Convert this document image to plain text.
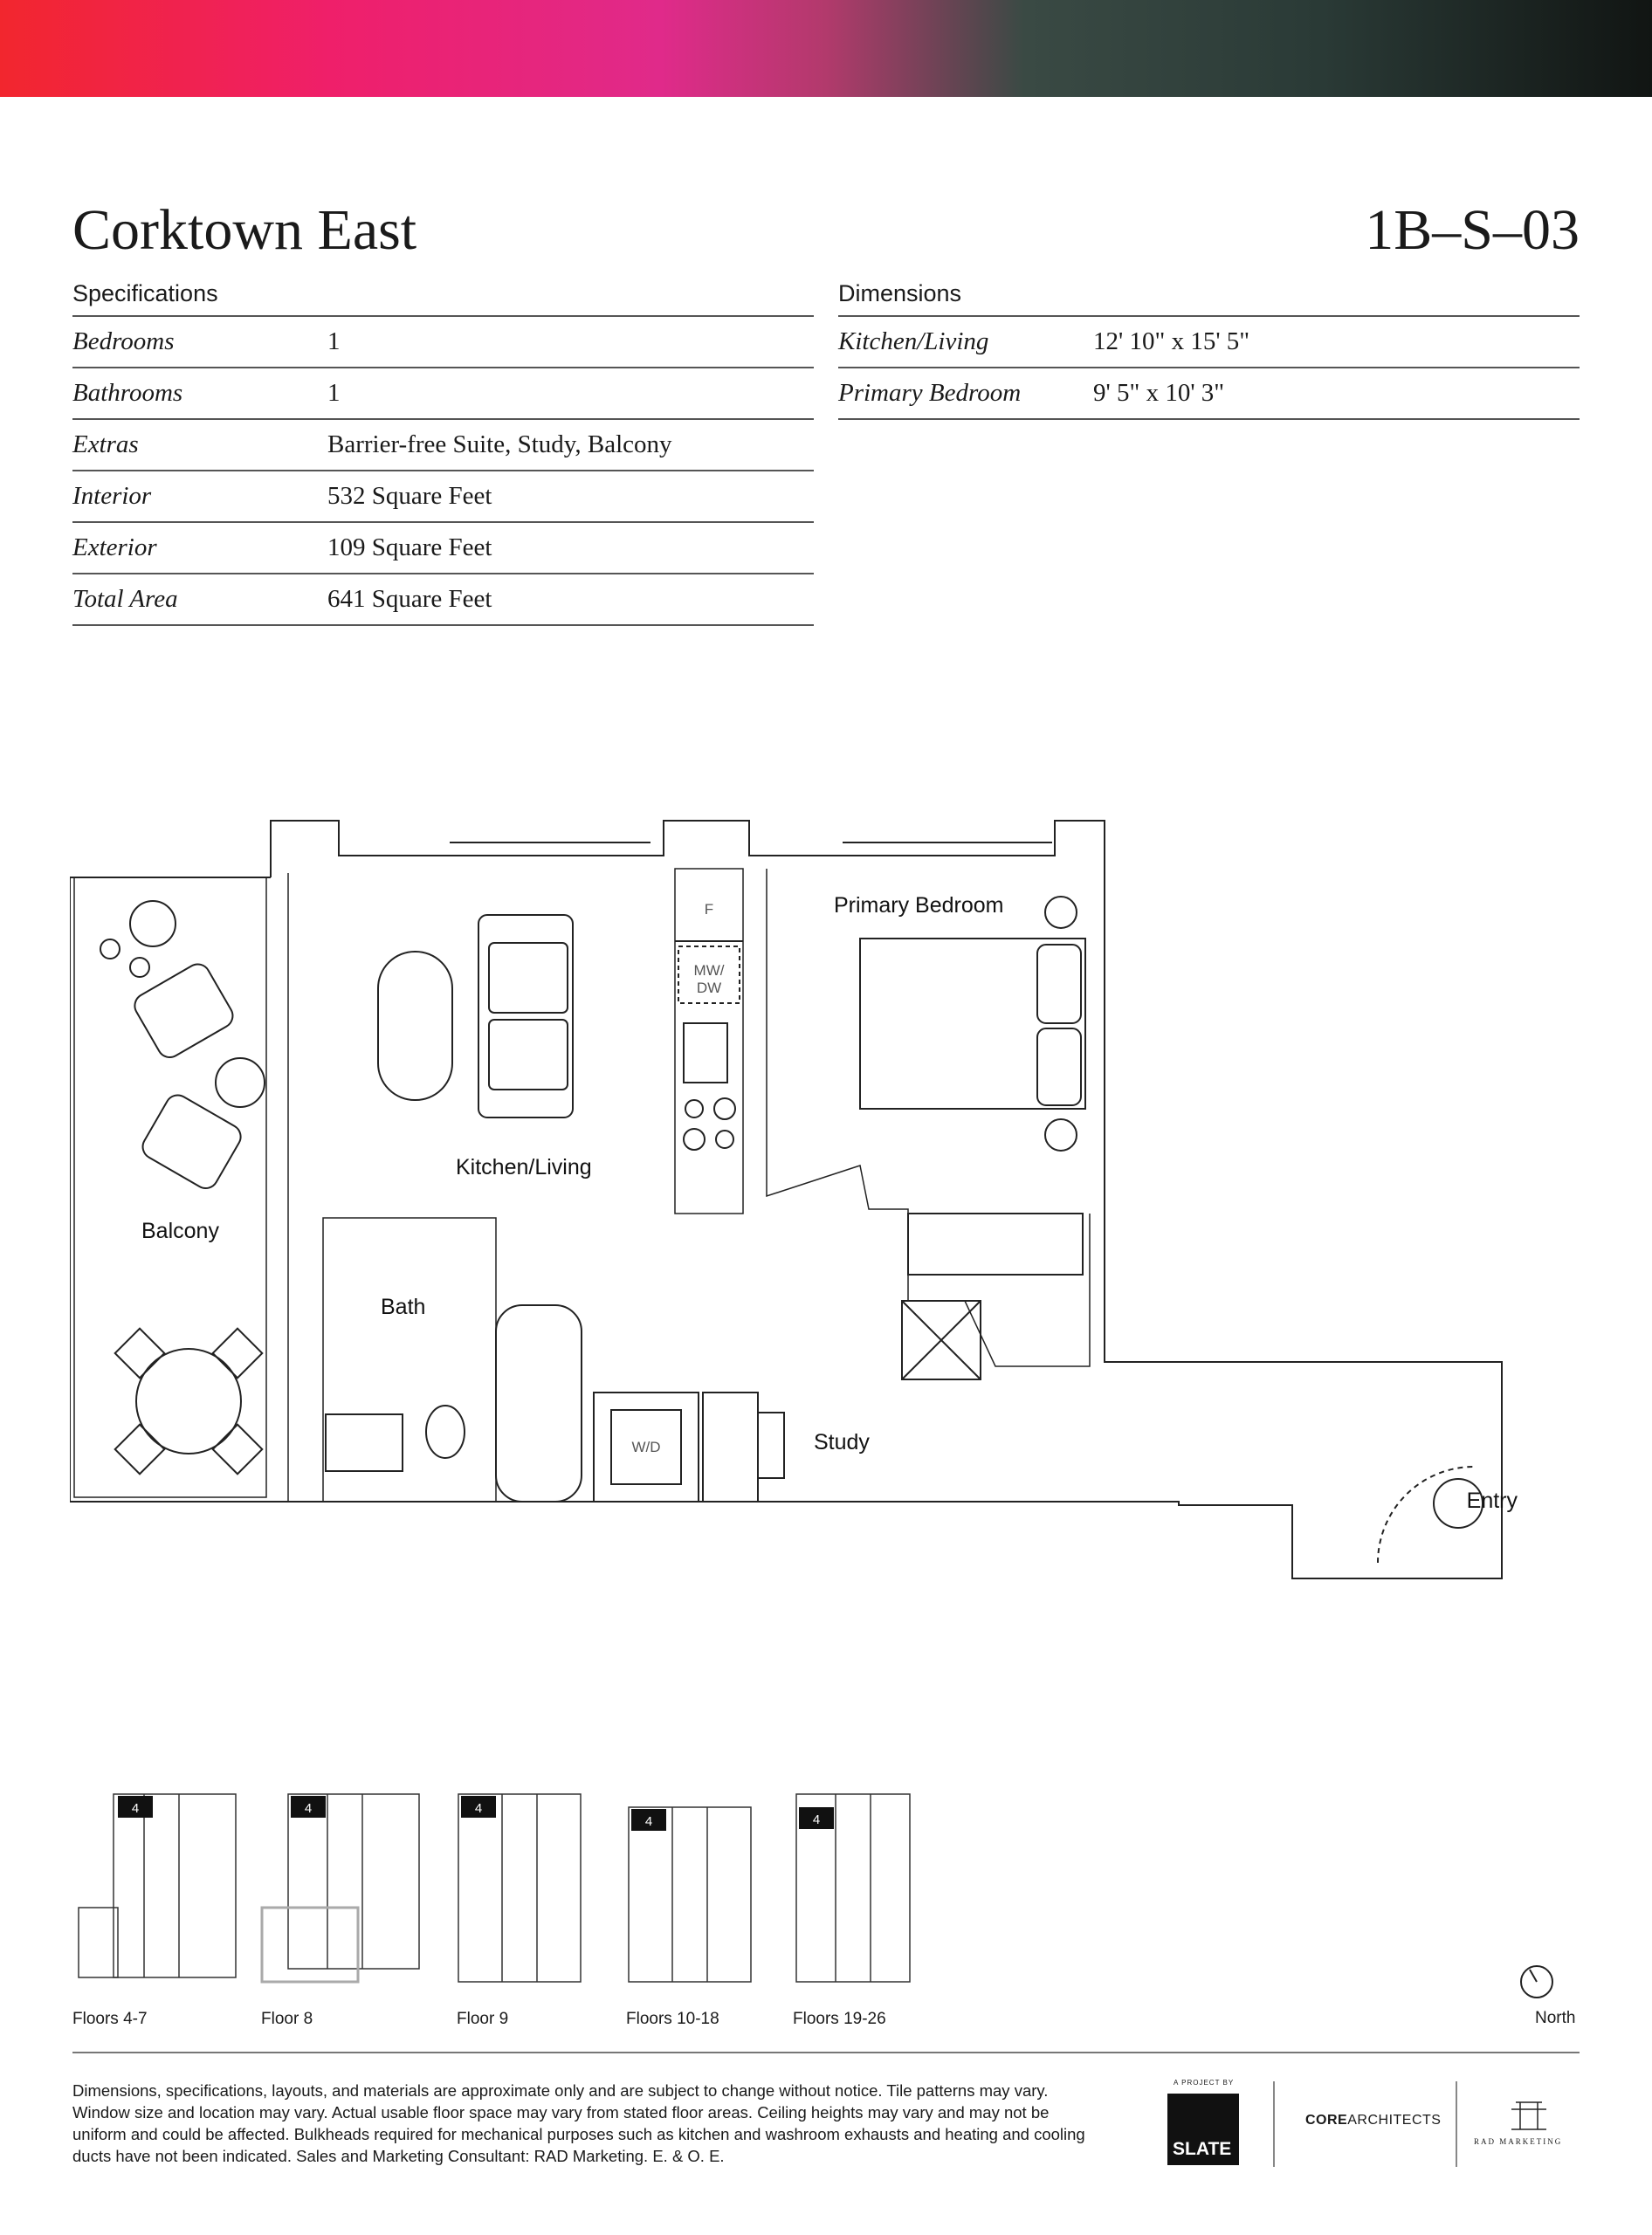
Corktown East	1B–S–03
Specifications
Bedrooms	1
Bathrooms	1
Extras	Barrier-free Suite, Study, Balcony
Interior	532 Square Feet
Exterior	109 Square Feet
Total Area	641 Square Feet
Dimensions
Kitchen/Living	12' 10" x 15' 5"
Primary Bedroom	9' 5" x 10' 3"
Primary Bedroom
Kitchen/Living
Balcony
Bath
Study
Entry
F
MW/
DW
W/D
4	4	4
4	4
Floors 4-7	Floor 8	Floor 9	Floors 10-18	Floors 19-26	North
Dimensions, specifications, layouts, and materials are approximate only and are subject to change without notice. Tile patterns may vary. Window size and location may vary. Actual usable floor space may vary from stated floor areas. Ceiling heights may vary and may not be uniform and could be affected. Bulkheads required for mechanical purposes such as kitchen and washroom exhausts and heating and cooling ducts have not been indicated. Sales and Marketing Consultant: RAD Marketing. E. & O. E.
A PROJECT BY
SLATE
COREARCHITECTS
RAD MARKETING
